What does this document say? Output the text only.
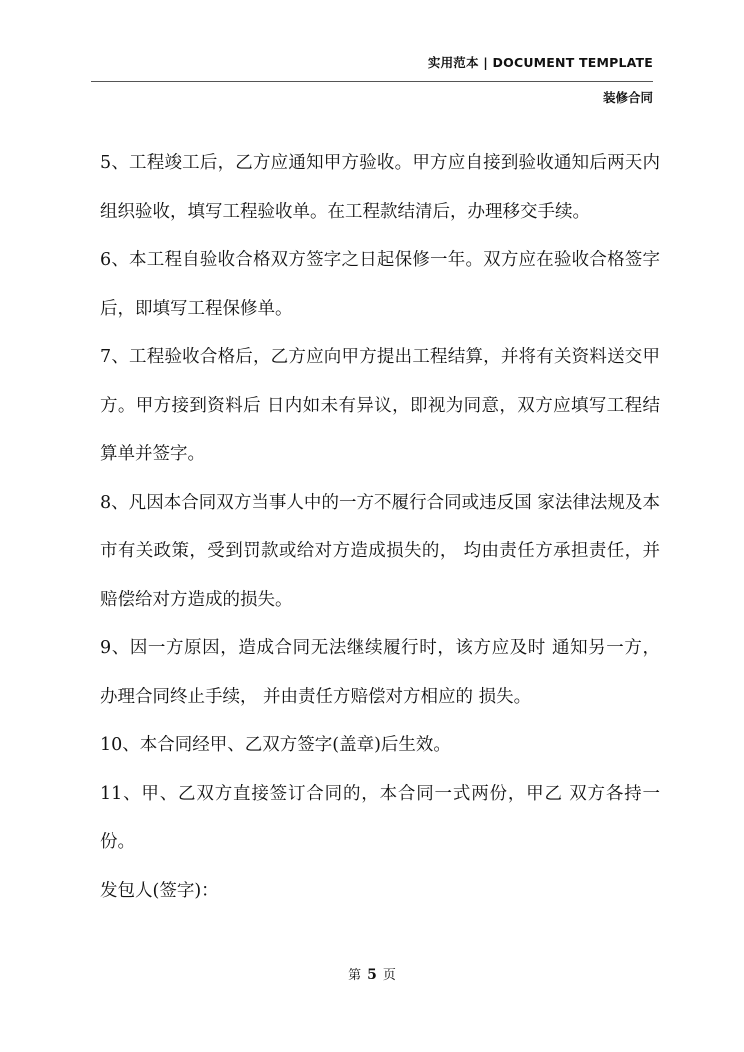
实用范本 | DOCUMENT TEMPLATE
装修合同

5、工程竣工后，乙方应通知甲方验收。甲方应自接到验收通知后两天内组织验收，填写工程验收单。在工程款结清后，办理移交手续。

6、本工程自验收合格双方签字之日起保修一年。双方应在验收合格签字后，即填写工程保修单。

7、工程验收合格后，乙方应向甲方提出工程结算，并将有关资料送交甲方。甲方接到资料后 日内如未有异议，即视为同意，双方应填写工程结算单并签字。

8、凡因本合同双方当事人中的一方不履行合同或违反国 家法律法规及本市有关政策，受到罚款或给对方造成损失的， 均由责任方承担责任，并赔偿给对方造成的损失。

9、因一方原因，造成合同无法继续履行时，该方应及时 通知另一方， 办理合同终止手续， 并由责任方赔偿对方相应的 损失。

10、本合同经甲、乙双方签字(盖章)后生效。

11、甲、乙双方直接签订合同的，本合同一式两份，甲乙 双方各持一份。

发包人(签字)：

第 5 页
